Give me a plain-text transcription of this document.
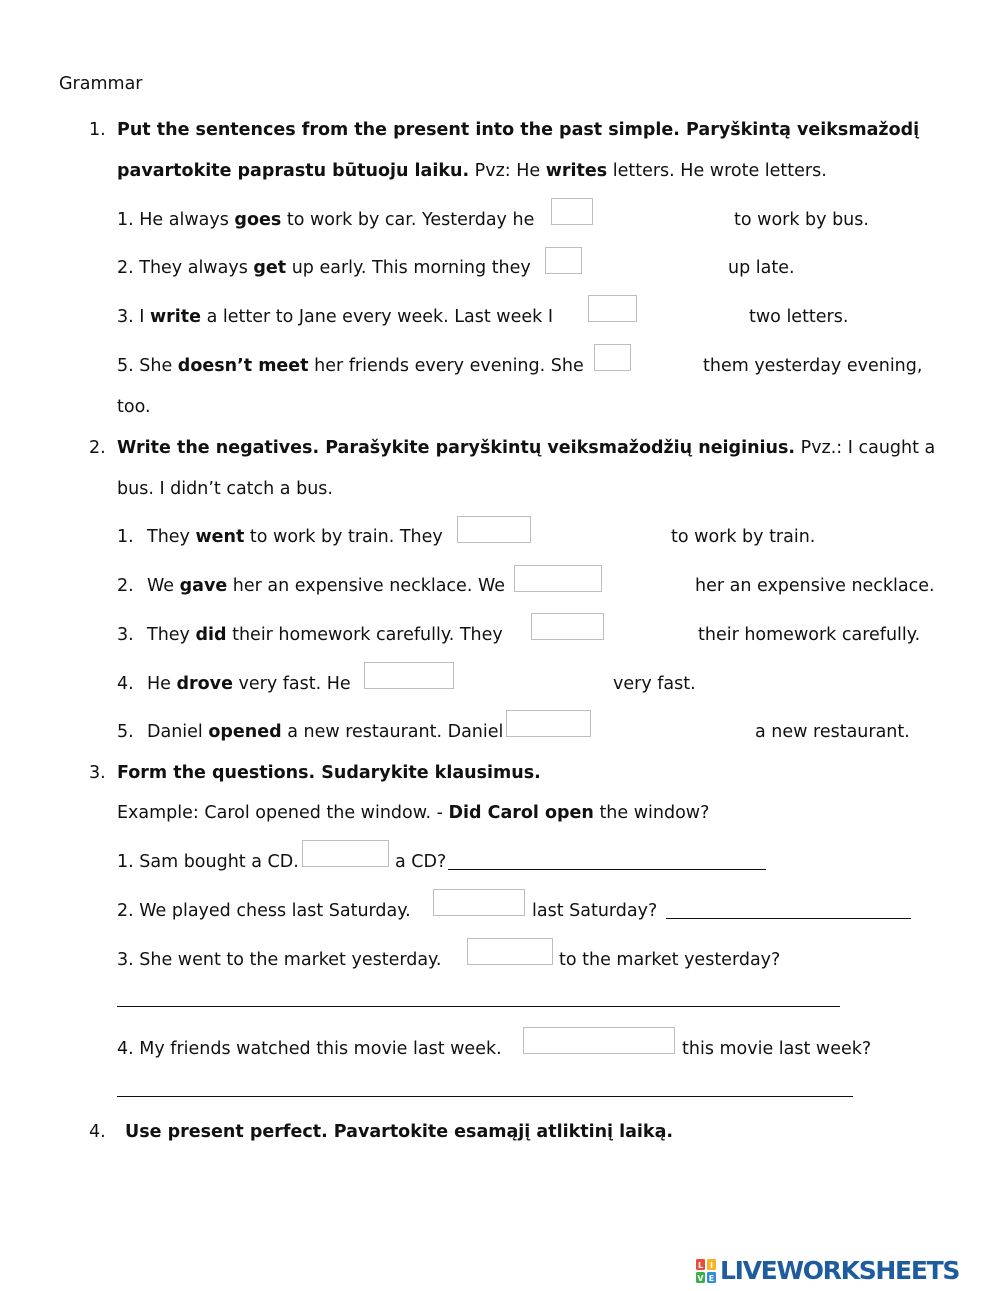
Grammar
1. Put the sentences from the present into the past simple. Paryškintą veiksmažodį
pavartokite paprastu būtuoju laiku. Pvz: He writes letters. He wrote letters.
1. He always goes to work by car. Yesterday he	to work by bus.
2. They always get up early. This morning they	up late.
3. I write a letter to Jane every week. Last week I	two letters.
5. She doesn’t meet her friends every evening. She	them yesterday evening,
too.
2. Write the negatives. Parašykite paryškintų veiksmažodžių neiginius. Pvz.: I caught a
bus. I didn’t catch a bus.
1. They went to work by train. They	to work by train.
2. We gave her an expensive necklace. We	her an expensive necklace.
3. They did their homework carefully. They	their homework carefully.
4. He drove very fast. He	very fast.
5. Daniel opened a new restaurant. Daniel	a new restaurant.
3. Form the questions. Sudarykite klausimus.
Example: Carol opened the window. - Did Carol open the window?
1. Sam bought a CD.	a CD?
2. We played chess last Saturday.	last Saturday?
3. She went to the market yesterday.	to the market yesterday?
4. My friends watched this movie last week.	this movie last week?
4. Use present perfect. Pavartokite esamąjį atliktinį laiką.
L I
V E LIVEWORKSHEETS
